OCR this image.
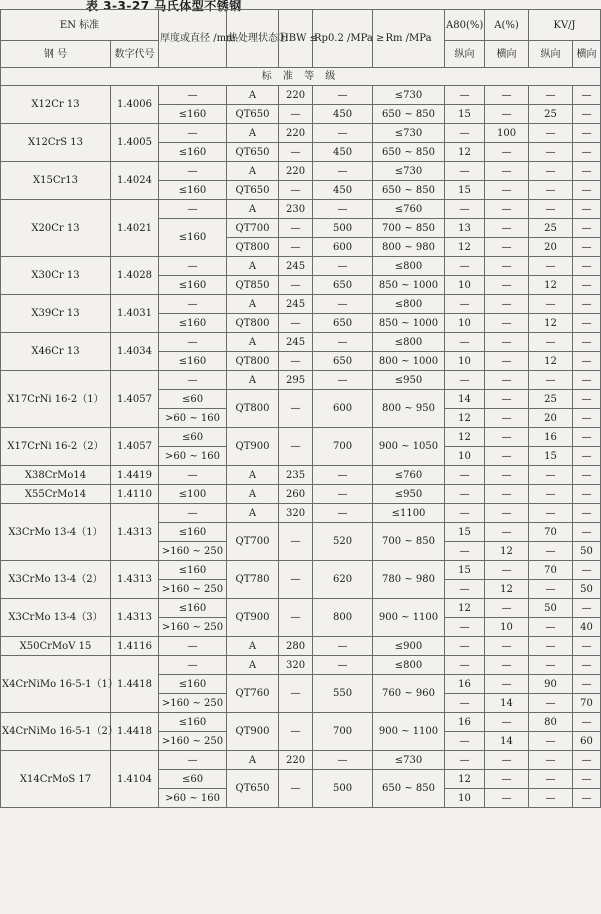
表 3-3-27 马氏体型不锈钢
EN 标准		厚度或直径 /mm	热处理状态①	HBW ≤	Rp0.2 /MPa ≥	Rm /MPa	A80(%)	A(%)	KV/J	
钢 号	数字代号						纵向	横向	纵向	横向
标 准 等 级										
X12Cr 13	1.4006	—	A	220	—	≤730	—	—	—	—
		≤160	QT650	—	450	650 ~ 850	15	—	25	—
X12CrS 13	1.4005	—	A	220	—	≤730	—	100	—	—
		≤160	QT650	—	450	650 ~ 850	12	—	—	—
X15Cr13	1.4024	—	A	220	—	≤730	—	—	—	—
		≤160	QT650	—	450	650 ~ 850	15	—	—	—
X20Cr 13	1.4021	—	A	230	—	≤760	—	—	—	—
		≤160	QT700	—	500	700 ~ 850	13	—	25	—
			QT800	—	600	800 ~ 980	12	—	20	—
X30Cr 13	1.4028	—	A	245	—	≤800	—	—	—	—
		≤160	QT850	—	650	850 ~ 1000	10	—	12	—
X39Cr 13	1.4031	—	A	245	—	≤800	—	—	—	—
		≤160	QT800	—	650	850 ~ 1000	10	—	12	—
X46Cr 13	1.4034	—	A	245	—	≤800	—	—	—	—
		≤160	QT800	—	650	800 ~ 1000	10	—	12	—
X17CrNi 16-2（1）	1.4057	—	A	295	—	≤950	—	—	—	—
		≤60	QT800	—	600	800 ~ 950	14	—	25	—
		>60 ~ 160					12	—	20	—
X17CrNi 16-2（2）	1.4057	≤60	QT900	—	700	900 ~ 1050	12	—	16	—
		>60 ~ 160					10	—	15	—
X38CrMo14	1.4419	—	A	235	—	≤760	—	—	—	—
X55CrMo14	1.4110	≤100	A	260	—	≤950	—	—	—	—
X3CrMo 13-4（1）	1.4313	—	A	320	—	≤1100	—	—	—	—
		≤160	QT700	—	520	700 ~ 850	15	—	70	—
		>160 ~ 250					—	12	—	50
X3CrMo 13-4（2）	1.4313	≤160	QT780	—	620	780 ~ 980	15	—	70	—
		>160 ~ 250					—	12	—	50
X3CrMo 13-4（3）	1.4313	≤160	QT900	—	800	900 ~ 1100	12	—	50	—
		>160 ~ 250					—	10	—	40
X50CrMoV 15	1.4116	—	A	280	—	≤900	—	—	—	—
X4CrNiMo 16-5-1（1）	1.4418	—	A	320	—	≤800	—	—	—	—
		≤160	QT760	—	550	760 ~ 960	16	—	90	—
		>160 ~ 250					—	14	—	70
X4CrNiMo 16-5-1（2）	1.4418	≤160	QT900	—	700	900 ~ 1100	16	—	80	—
		>160 ~ 250					—	14	—	60
X14CrMoS 17	1.4104	—	A	220	—	≤730	—	—	—	—
		≤60	QT650	—	500	650 ~ 850	12	—	—	—
		>60 ~ 160					10	—	—	—
